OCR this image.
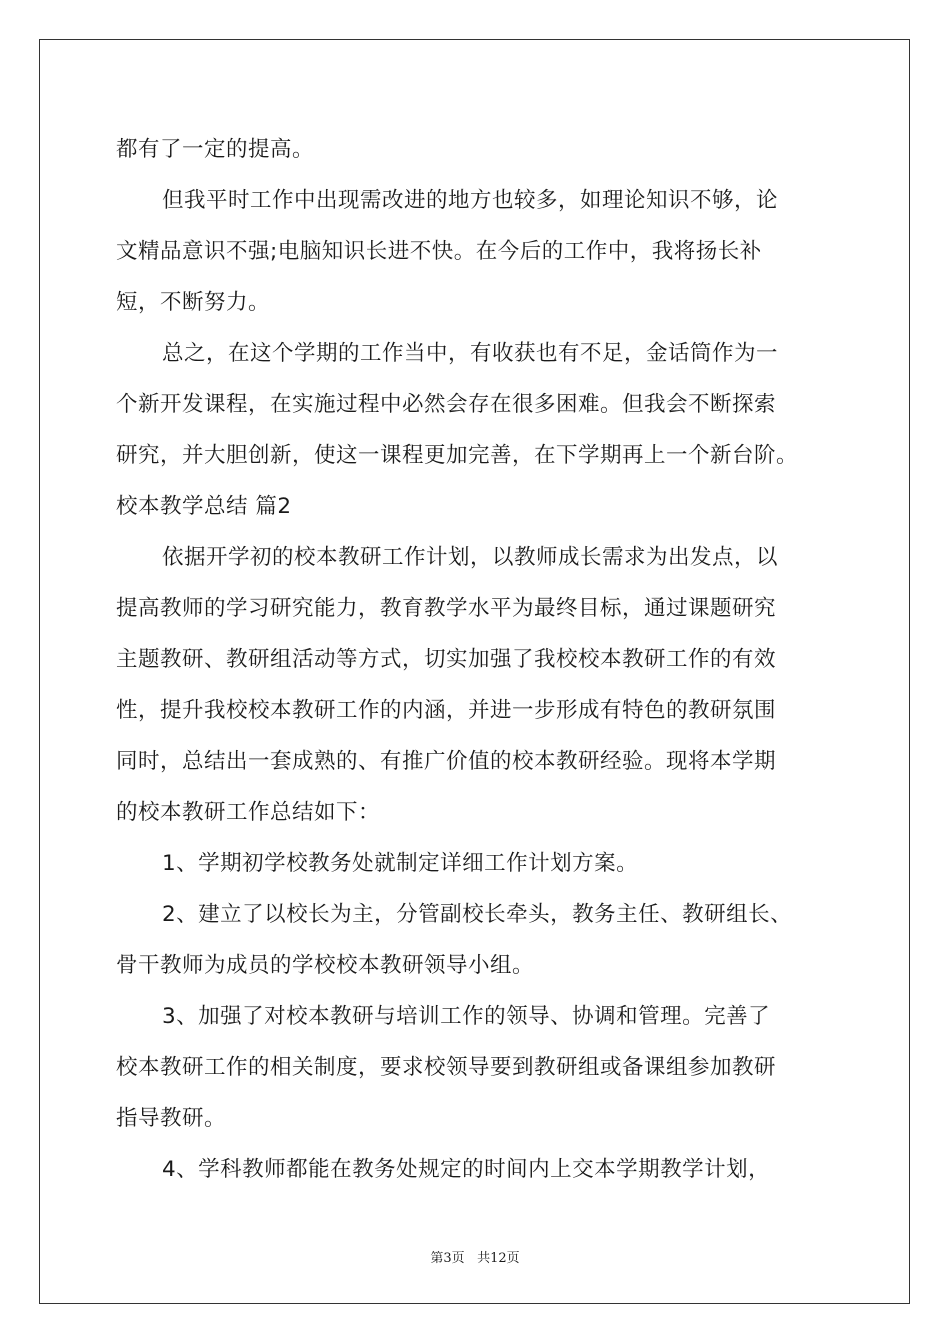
都有了一定的提高。
但我平时工作中出现需改进的地方也较多，如理论知识不够，论
文精品意识不强;电脑知识长进不快。在今后的工作中，我将扬长补
短，不断努力。
总之，在这个学期的工作当中，有收获也有不足，金话筒作为一
个新开发课程，在实施过程中必然会存在很多困难。但我会不断探索
研究，并大胆创新，使这一课程更加完善，在下学期再上一个新台阶。
校本教学总结 篇2
依据开学初的校本教研工作计划，以教师成长需求为出发点，以
提高教师的学习研究能力，教育教学水平为最终目标，通过课题研究
主题教研、教研组活动等方式，切实加强了我校校本教研工作的有效
性，提升我校校本教研工作的内涵，并进一步形成有特色的教研氛围
同时，总结出一套成熟的、有推广价值的校本教研经验。现将本学期
的校本教研工作总结如下：
1、学期初学校教务处就制定详细工作计划方案。
2、建立了以校长为主，分管副校长牵头，教务主任、教研组长、
骨干教师为成员的学校校本教研领导小组。
3、加强了对校本教研与培训工作的领导、协调和管理。完善了
校本教研工作的相关制度，要求校领导要到教研组或备课组参加教研
指导教研。
4、学科教师都能在教务处规定的时间内上交本学期教学计划，
第3页 共12页
